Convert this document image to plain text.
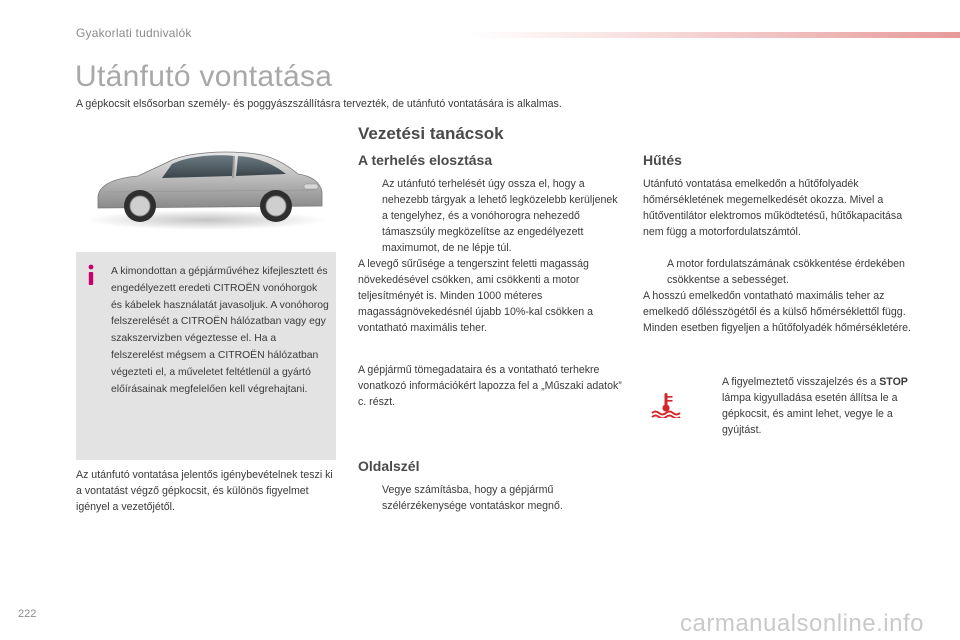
Gyakorlati tudnivalók
Utánfutó vontatása
A gépkocsit elsősorban személy- és poggyászszállításra tervezték, de utánfutó vontatására is alkalmas.
A kimondottan a gépjárművéhez kifejlesztett és engedélyezett eredeti CITROËN vonóhorgok és kábelek használatát javasoljuk. A vonóhorog felszerelését a CITROËN hálózatban vagy egy szakszervizben végeztesse el. Ha a felszerelést mégsem a CITROËN hálózatban végezteti el, a műveletet feltétlenül a gyártó előírásainak megfelelően kell végrehajtani.
Az utánfutó vontatása jelentős igénybevételnek teszi ki a vontatást végző gépkocsit, és különös figyelmet igényel a vezetőjétől.
Vezetési tanácsok
A terhelés elosztása
Az utánfutó terhelését úgy ossza el, hogy a nehezebb tárgyak a lehető legközelebb kerüljenek a tengelyhez, és a vonóhorogra nehezedő támaszsúly megközelítse az engedélyezett maximumot, de ne lépje túl.
A levegő sűrűsége a tengerszint feletti magasság növekedésével csökken, ami csökkenti a motor teljesítményét is. Minden 1000 méteres magasságnövekedésnél újabb 10%-kal csökken a vontatható maximális teher.
A gépjármű tömegadataira és a vontatható terhekre vonatkozó információkért lapozza fel a „Műszaki adatok” c. részt.
Oldalszél
Vegye számításba, hogy a gépjármű szélérzékenysége vontatáskor megnő.
Hűtés
Utánfutó vontatása emelkedőn a hűtőfolyadék hőmérsékletének megemelkedését okozza. Mivel a hűtőventilátor elektromos működtetésű, hűtőkapacitása nem függ a motorfordulatszámtól.
A motor fordulatszámának csökkentése érdekében csökkentse a sebességet.
A hosszú emelkedőn vontatható maximális teher az emelkedő dőlésszögétől és a külső hőmérséklettől függ. Minden esetben figyeljen a hűtőfolyadék hőmérsékletére.
A figyelmeztető visszajelzés és a STOP lámpa kigyulladása esetén állítsa le a gépkocsit, és amint lehet, vegye le a gyújtást.
222	carmanualsonline.info
